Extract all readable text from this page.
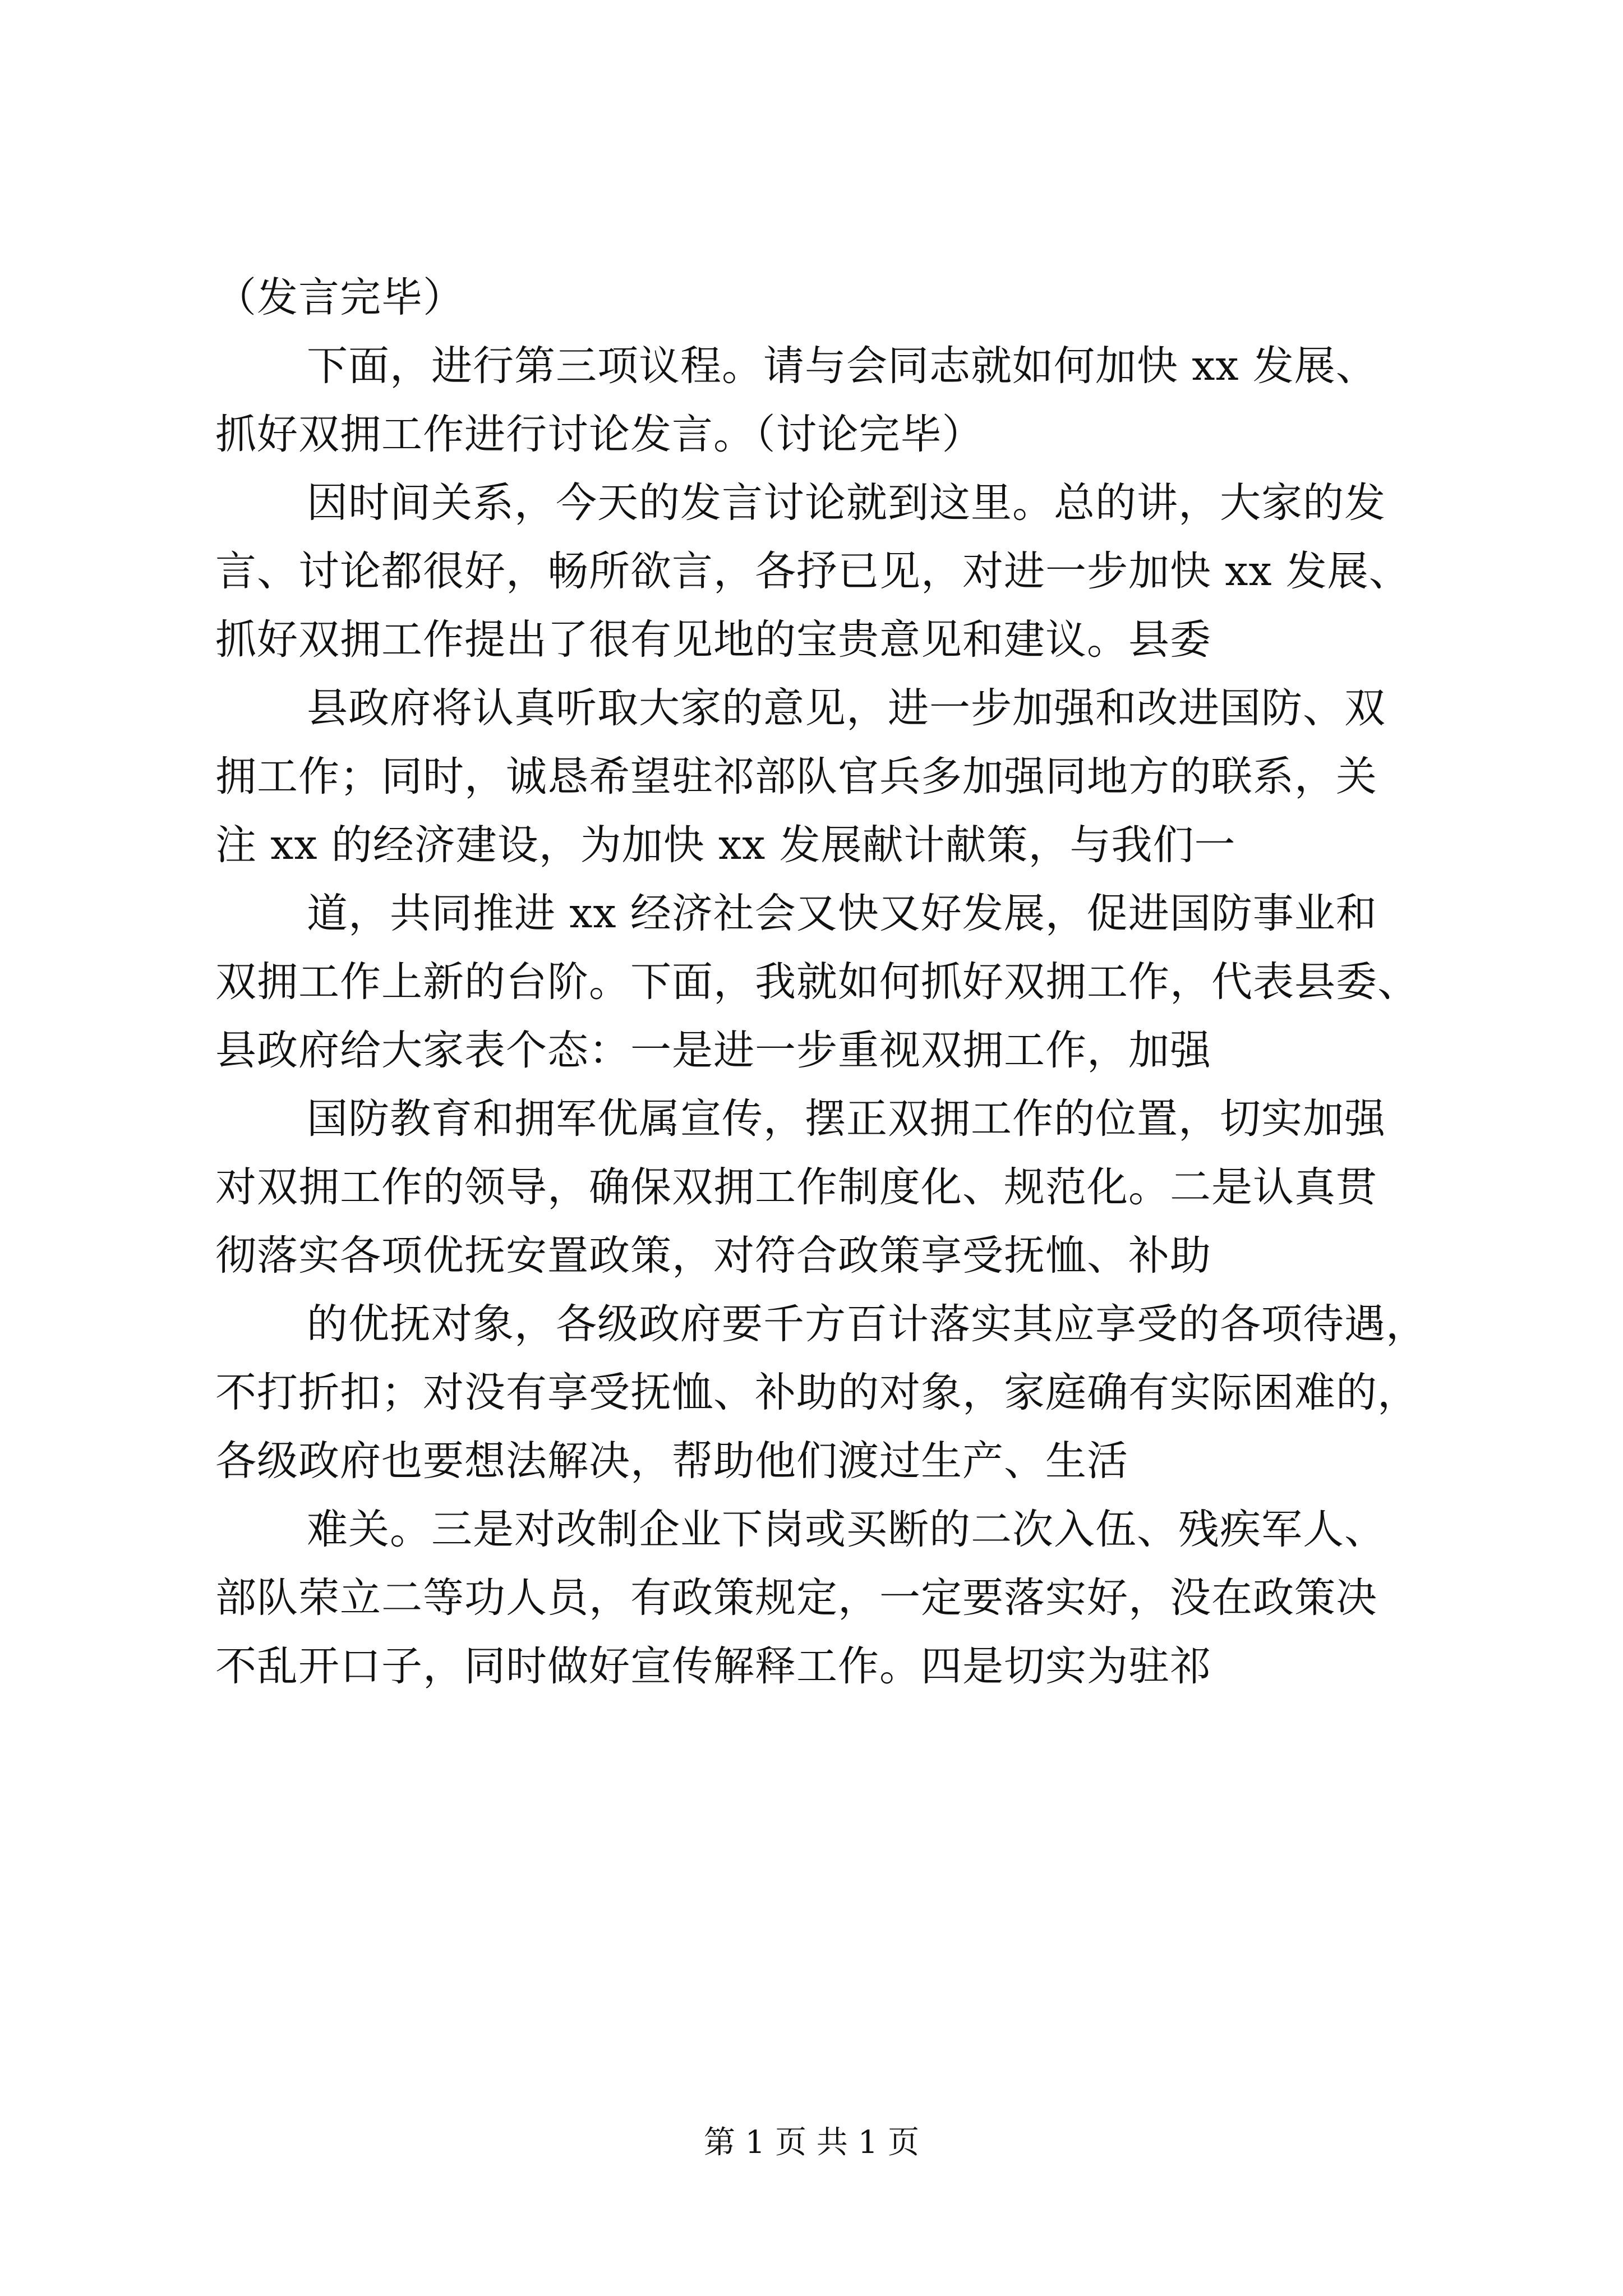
（发言完毕）

下面，进行第三项议程。请与会同志就如何加快 xx 发展、
抓好双拥工作进行讨论发言。（讨论完毕）

因时间关系，今天的发言讨论就到这里。总的讲，大家的发
言、讨论都很好，畅所欲言，各抒已见，对进一步加快 xx 发展、
抓好双拥工作提出了很有见地的宝贵意见和建议。县委

县政府将认真听取大家的意见，进一步加强和改进国防、双
拥工作；同时，诚恳希望驻祁部队官兵多加强同地方的联系，关
注 xx 的经济建设，为加快 xx 发展献计献策，与我们一

道，共同推进 xx 经济社会又快又好发展，促进国防事业和
双拥工作上新的台阶。下面，我就如何抓好双拥工作，代表县委、
县政府给大家表个态：一是进一步重视双拥工作，加强

国防教育和拥军优属宣传，摆正双拥工作的位置，切实加强
对双拥工作的领导，确保双拥工作制度化、规范化。二是认真贯
彻落实各项优抚安置政策，对符合政策享受抚恤、补助

的优抚对象，各级政府要千方百计落实其应享受的各项待遇，
不打折扣；对没有享受抚恤、补助的对象，家庭确有实际困难的，
各级政府也要想法解决，帮助他们渡过生产、生活

难关。三是对改制企业下岗或买断的二次入伍、残疾军人、
部队荣立二等功人员，有政策规定，一定要落实好，没在政策决
不乱开口子，同时做好宣传解释工作。四是切实为驻祁

第 1 页 共 1 页
